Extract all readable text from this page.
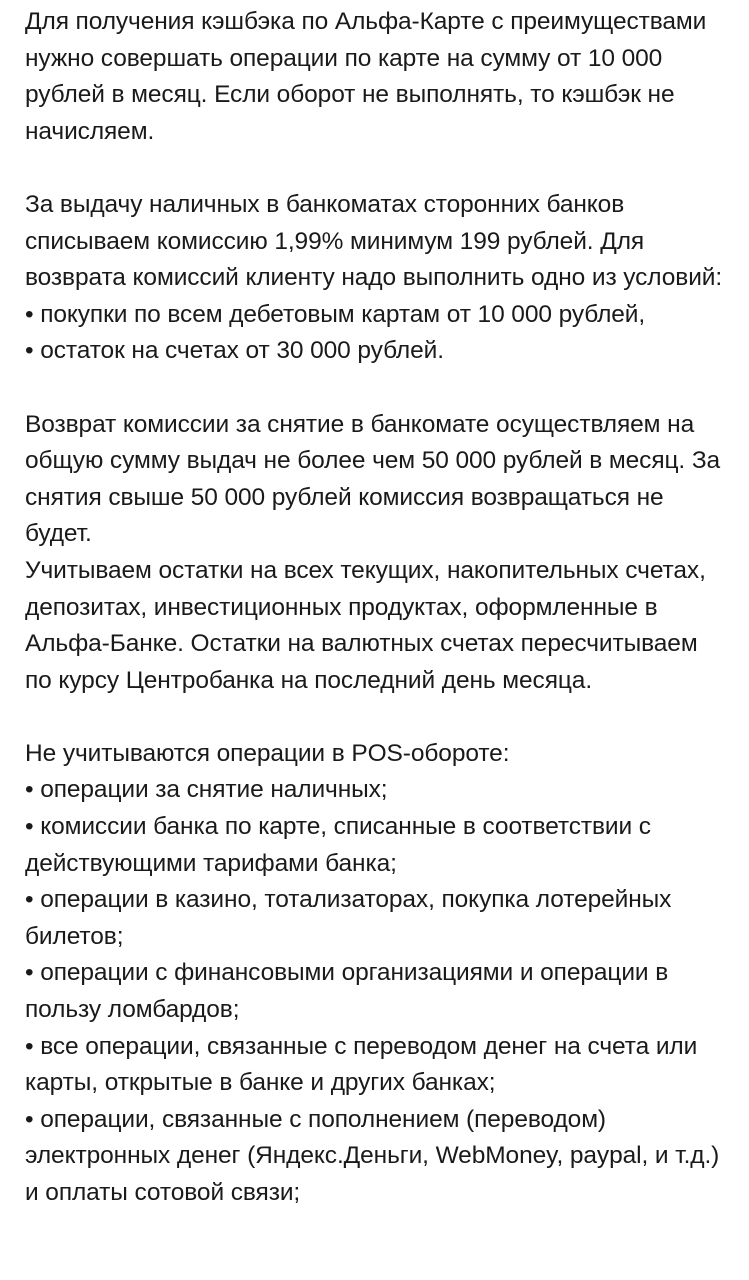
Для получения кэшбэка по Альфа-Карте с преимуществами нужно совершать операции по карте на сумму от 10 000 рублей в месяц. Если оборот не выполнять, то кэшбэк не начисляем.

За выдачу наличных в банкоматах сторонних банков списываем комиссию 1,99% минимум 199 рублей. Для возврата комиссий клиенту надо выполнить одно из условий:

• покупки по всем дебетовым картам от 10 000 рублей,
• остаток на счетах от 30 000 рублей.

Возврат комиссии за снятие в банкомате осуществляем на общую сумму выдач не более чем 50 000 рублей в месяц. За снятия свыше 50 000 рублей комиссия возвращаться не будет.

Учитываем остатки на всех текущих, накопительных счетах, депозитах, инвестиционных продуктах, оформленные в Альфа-Банке. Остатки на валютных счетах пересчитываем по курсу Центробанка на последний день месяца.

Не учитываются операции в POS-обороте:

• операции за снятие наличных;
• комиссии банка по карте, списанные в соответствии с действующими тарифами банка;
• операции в казино, тотализаторах, покупка лотерейных билетов;
• операции с финансовыми организациями и операции в пользу ломбардов;
• все операции, связанные с переводом денег на счета или карты, открытые в банке и других банках;
• операции, связанные с пополнением (переводом) электронных денег (Яндекс.Деньги, WebMoney, paypal, и т.д.) и оплаты сотовой связи;
